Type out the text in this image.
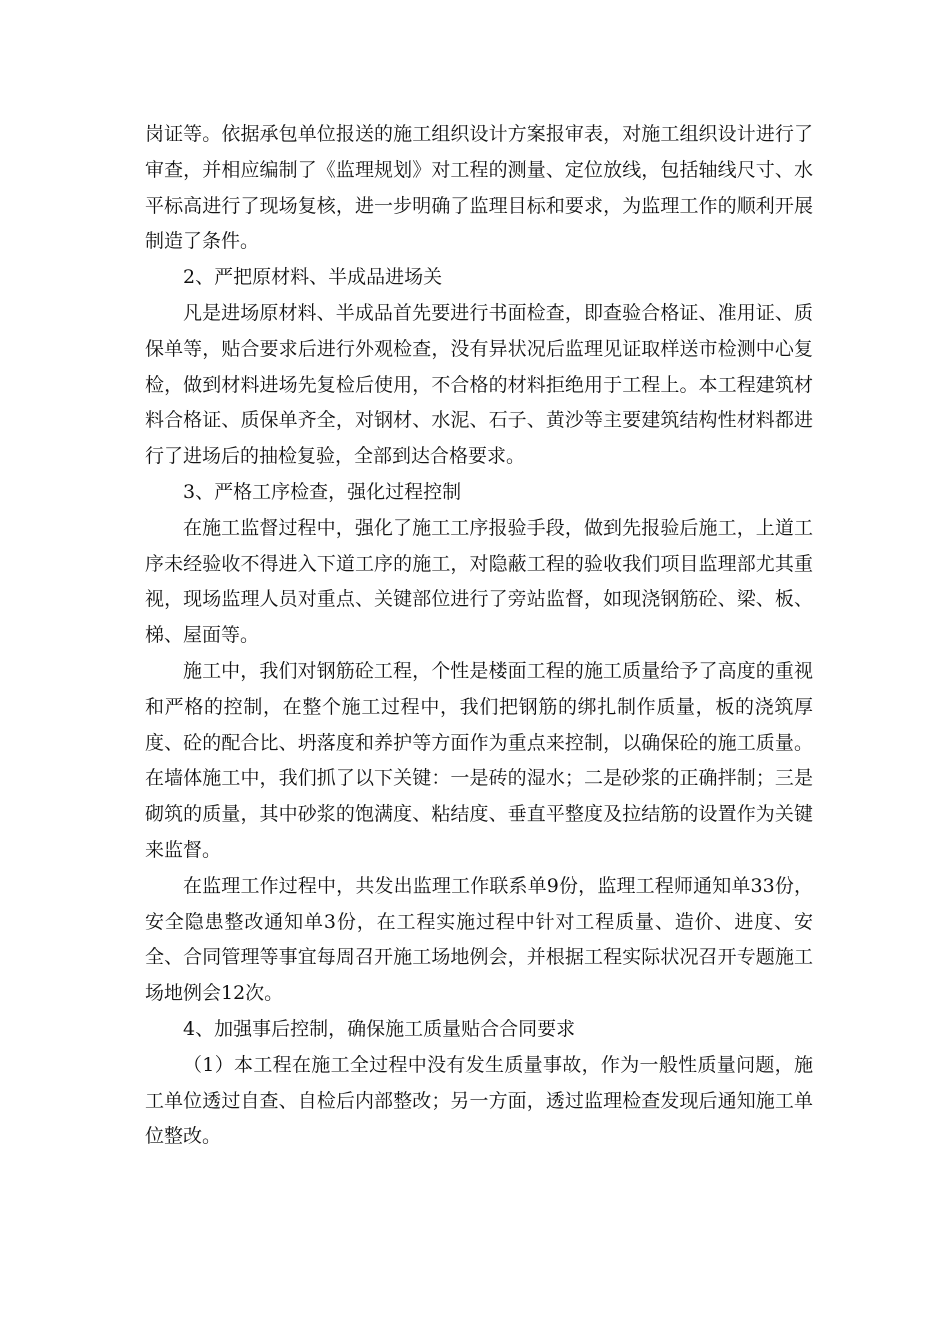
岗证等。依据承包单位报送的施工组织设计方案报审表，对施工组织设计进行了审查，并相应编制了《监理规划》对工程的测量、定位放线，包括轴线尺寸、水平标高进行了现场复核，进一步明确了监理目标和要求，为监理工作的顺利开展制造了条件。

2、严把原材料、半成品进场关

凡是进场原材料、半成品首先要进行书面检查，即查验合格证、准用证、质保单等，贴合要求后进行外观检查，没有异状况后监理见证取样送市检测中心复检，做到材料进场先复检后使用，不合格的材料拒绝用于工程上。本工程建筑材料合格证、质保单齐全，对钢材、水泥、石子、黄沙等主要建筑结构性材料都进行了进场后的抽检复验，全部到达合格要求。

3、严格工序检查，强化过程控制

在施工监督过程中，强化了施工工序报验手段，做到先报验后施工，上道工序未经验收不得进入下道工序的施工，对隐蔽工程的验收我们项目监理部尤其重视，现场监理人员对重点、关键部位进行了旁站监督，如现浇钢筋砼、梁、板、梯、屋面等。

施工中，我们对钢筋砼工程，个性是楼面工程的施工质量给予了高度的重视和严格的控制，在整个施工过程中，我们把钢筋的绑扎制作质量，板的浇筑厚度、砼的配合比、坍落度和养护等方面作为重点来控制，以确保砼的施工质量。在墙体施工中，我们抓了以下关键：一是砖的湿水；二是砂浆的正确拌制；三是砌筑的质量，其中砂浆的饱满度、粘结度、垂直平整度及拉结筋的设置作为关键来监督。

在监理工作过程中，共发出监理工作联系单9份，监理工程师通知单33份，安全隐患整改通知单3份，在工程实施过程中针对工程质量、造价、进度、安全、合同管理等事宜每周召开施工场地例会，并根据工程实际状况召开专题施工场地例会12次。

4、加强事后控制，确保施工质量贴合合同要求

（1）本工程在施工全过程中没有发生质量事故，作为一般性质量问题，施工单位透过自查、自检后内部整改；另一方面，透过监理检查发现后通知施工单位整改。
